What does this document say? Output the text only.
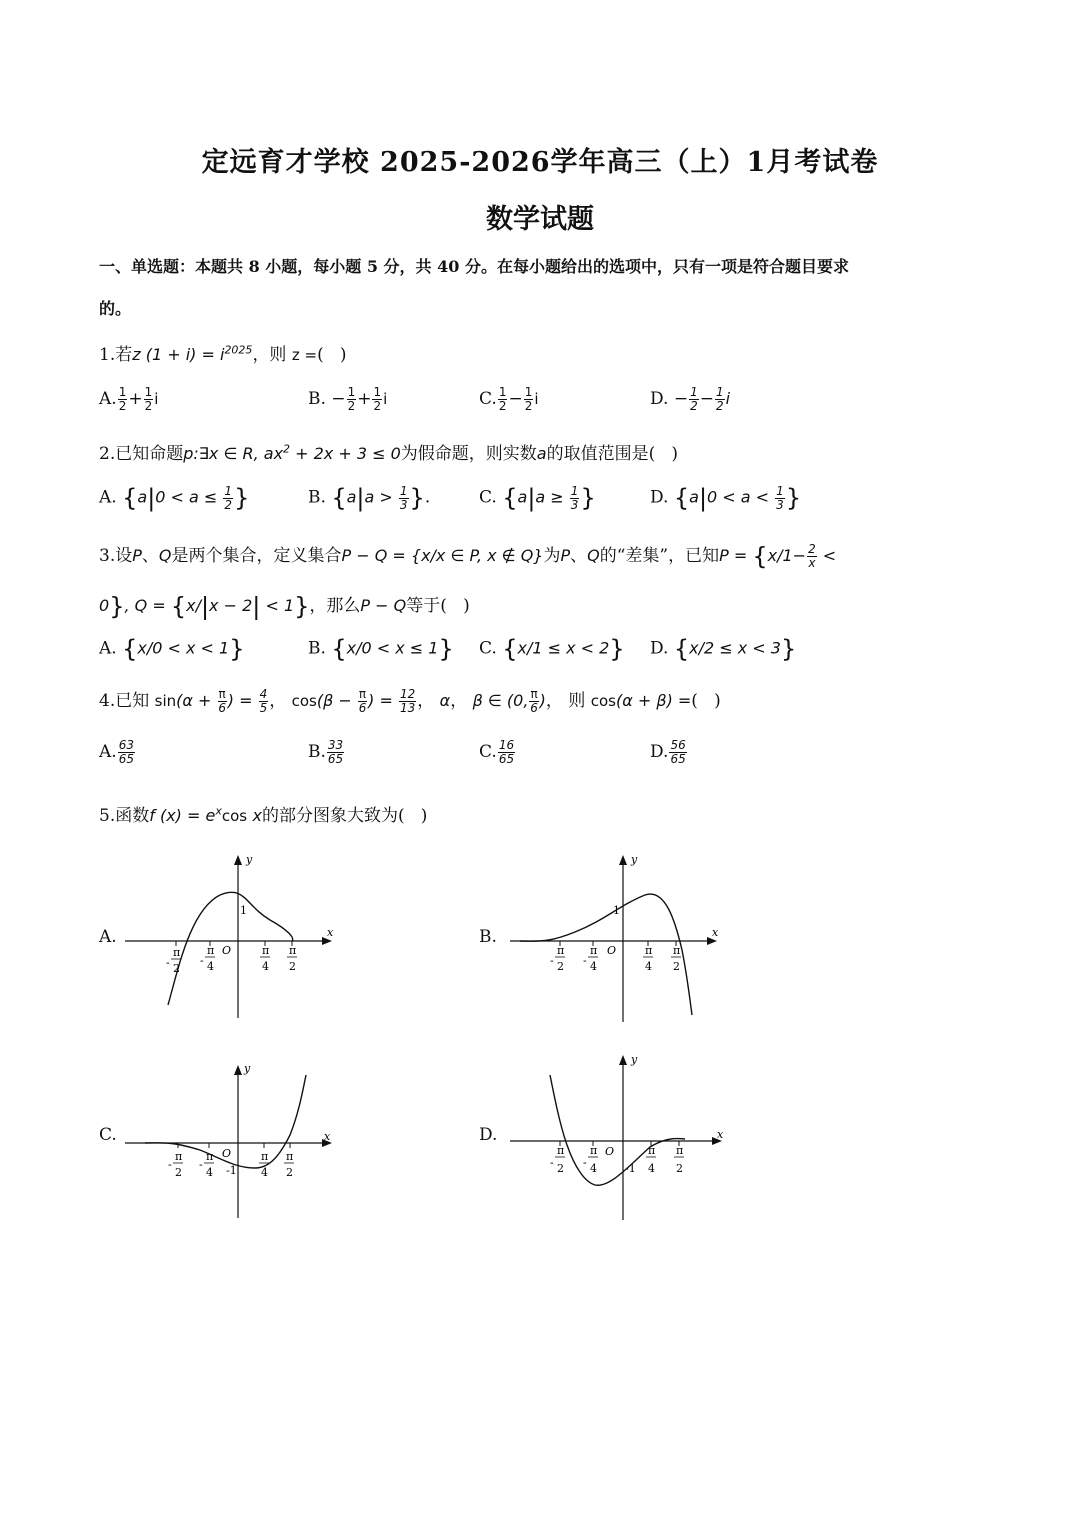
定远育才学校 2025-2026学年高三（上）1月考试卷
数学试题
一、单选题：本题共 8 小题，每小题 5 分，共 40 分。在每小题给出的选项中，只有一项是符合题目要求
的。
1.若z $(1 + i) = i^{2025}$，则 z =(   )
A. $\frac{1}{2} + \frac{1}{2}$ i	B. − $\frac{1}{2} + \frac{1}{2}$ i	C. $\frac{1}{2} - \frac{1}{2}$ i	D. − $\frac{1}{2} - \frac{1}{2}$ i
2.已知命题p:∃x ∈ R, $ax^2 + 2x + 3 \le 0$为假命题，则实数a的取值范围是(   )
A. {$a|0 < a \le \frac{1}{2}$ }	B. {$a|a > \frac{1}{3}$ }.	C. {$a|a \ge \frac{1}{3}$ }	D. {$a|0 < a < \frac{1}{3}$ }
3.设P、Q是两个集合，定义集合P − Q = {x/x ∈ P, x ∉ Q}为P、Q的“差集”，已知$P = \{x/1- \frac{2}{x}$ <
0}, Q = {x/|x − 2| < 1}，那么P − Q等于(   )
A. {x/0 < x < 1}	B. {x/0 < x ≤ 1} C. {x/1 ≤ x < 2} D. {x/2 ≤ x < 3}
4.已知 $\sin(\alpha + \frac{\pi}{6}$ ) = $\frac{4}{5}$ ， $\cos(\beta - \frac{\pi}{6}$ ) = $\frac{12}{13}$ ， α， β ∈ (0, $\frac{\pi}{6}$ )， 则 cos(α + β) =(   )
A. $\frac{63}{65}$	B. $\frac{33}{65}$	C. $\frac{16}{65}$	D. $\frac{56}{65}$
5.函数f $(x) = e^x\cos$ x的部分图象大致为(   )
A.	B.
C.	D.
y
x
O
1
π
2
-
π
4
-
π
4
π
2
y
x
O
1
π
2
-
π
4
-
π
4
π
2
y
x
O
-1
π
2
-
π
4
-
π
4
π
2
y
x
O
-1
π
2
-
π
4
-
π
4
π
2
